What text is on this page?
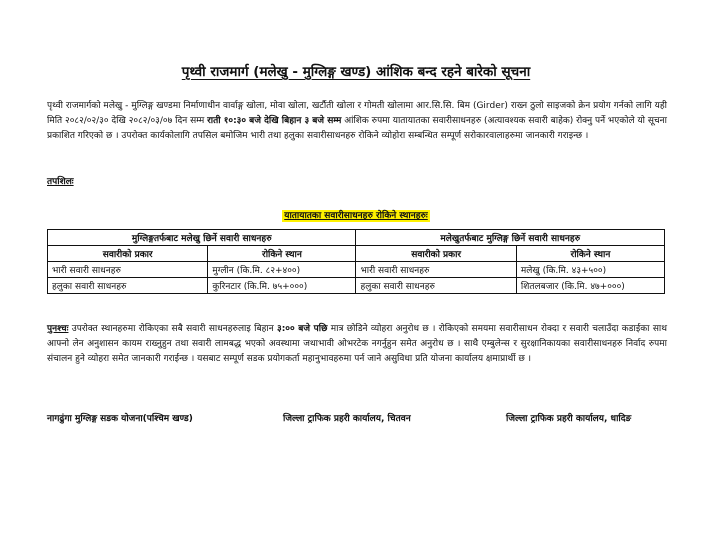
पृथ्वी राजमार्ग (मलेखु - मुग्लिङ्ग खण्ड) आंशिक बन्द रहने बारेको सूचना
पृथ्वी राजमार्गको मलेखु - मुग्लिङ्ग खण्डमा निर्माणाधीन वार्वाङ्ग खोला, मोवा खोला, खर्टौती खोला र गोमती खोलामा आर.सि.सि. बिम (Girder) राख्न ठुलो साइजको क्रेन प्रयोग गर्नको लागि यही मिति २०८२/०२/३० देखि २०८२/०३/०७ दिन सम्म राती १०:३० बजे देखि बिहान ३ बजे सम्म आंशिक रुपमा यातायातका सवारीसाधनहरु (अत्यावश्यक सवारी बाहेक) रोक्नु पर्ने भएकोले यो सूचना प्रकाशित गरिएको छ । उपरोक्त कार्यकोलागि तपसिल बमोजिम भारी तथा हलुका सवारीसाधनहरु रोकिने व्योहोरा सम्बन्धित सम्पूर्ण सरोकारवालाहरुमा जानकारी गराइन्छ ।
तपशिलः
यातायातका सवारीसाधनहरु रोकिने स्थानहरुः
मुग्लिङ्गतर्फबाट मलेखु छिर्ने सवारी साधनहरु		मलेखुतर्फबाट मुग्लिङ्ग छिर्ने सवारी साधनहरु	
सवारीको प्रकार	रोकिने स्थान	सवारीको प्रकार	रोकिने स्थान
भारी सवारी साधनहरु	मुग्लीन (कि.मि. ८२+४००)	भारी सवारी साधनहरु	मलेखु (कि.मि. ४३+५००)
हलुका सवारी साधनहरु	कुरिनटार (कि.मि. ७५+०००)	हलुका सवारी साधनहरु	शितलबजार (कि.मि. ४७+०००)
पुनश्चः उपरोक्त स्थानहरुमा रोकिएका सबै सवारी साधनहरुलाइ बिहान ३:०० बजे पछि मात्र छोडिने व्योहरा अनुरोध छ । रोकिएको समयमा सवारीसाधन रोक्दा र सवारी चलाउँदा कडाईका साथ आफ्नो लेन अनुशासन कायम राख्नुहुन तथा सवारी लामबद्ध भएको अवस्थामा जथाभावी ओभरटेक नगर्नुहुन समेत अनुरोध छ । साथै एम्बुलेन्स र सुरक्षानिकायका सवारीसाधनहरु निर्वाद रुपमा संचालन हुने व्योहरा समेत जानकारी गराईन्छ । यसबाट सम्पूर्ण सडक प्रयोगकर्ता महानुभावहरुमा पर्न जाने असुविधा प्रति योजना कार्यालय क्षमाप्रार्थी छ ।
नागढुंगा मुग्लिङ्ग सडक योजना(पश्चिम खण्ड)	जिल्ला ट्राफिक प्रहरी कार्यालय, चितवन	जिल्ला ट्राफिक प्रहरी कार्यालय, धादिङ
